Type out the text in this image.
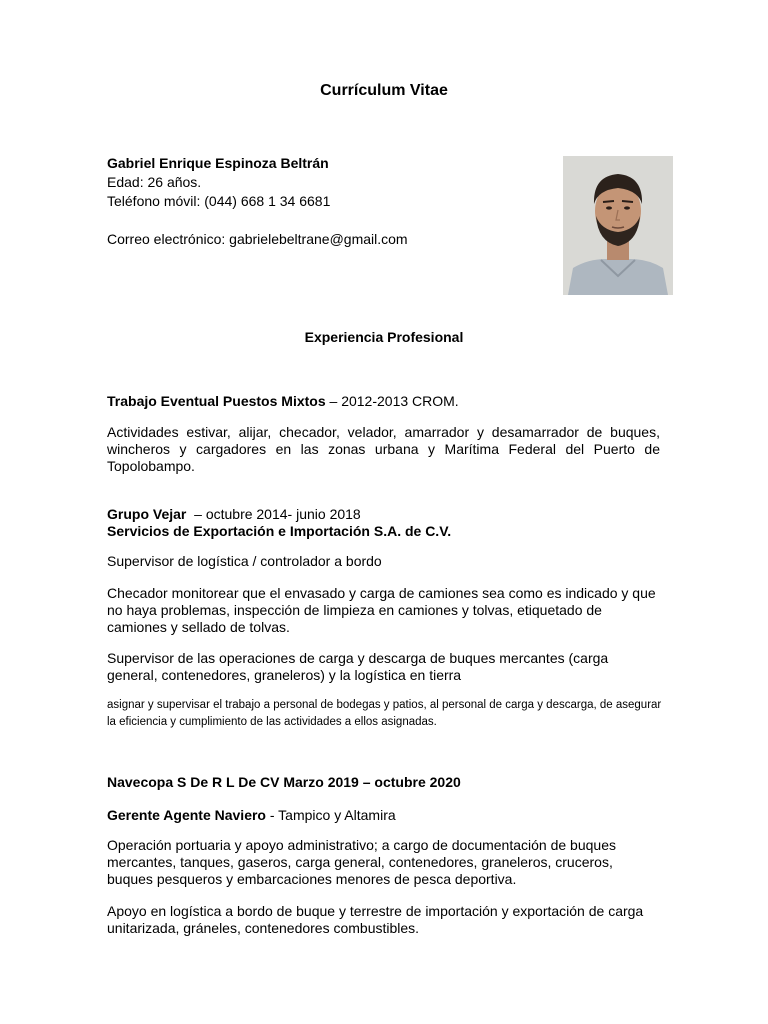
Currículum Vitae
Gabriel Enrique Espinoza Beltrán
Edad: 26 años.
Teléfono móvil: (044) 668 1 34 6681
Correo electrónico: gabrielebeltrane@gmail.com
Experiencia Profesional
Trabajo Eventual Puestos Mixtos – 2012-2013 CROM.
Actividades estivar, alijar, checador, velador, amarrador y desamarrador de buques, wincheros y cargadores en las zonas urbana y Marítima Federal del Puerto de Topolobampo.
Grupo Vejar  – octubre 2014- junio 2018
Servicios de Exportación e Importación S.A. de C.V.
Supervisor de logística / controlador a bordo
Checador monitorear que el envasado y carga de camiones sea como es indicado y que no haya problemas, inspección de limpieza en camiones y tolvas, etiquetado de camiones y sellado de tolvas.
Supervisor de las operaciones de carga y descarga de buques mercantes (carga general, contenedores, graneleros) y la logística en tierra
asignar y supervisar el trabajo a personal de bodegas y patios, al personal de carga y descarga, de asegurar la eficiencia y cumplimiento de las actividades a ellos asignadas.
Navecopa S De R L De CV Marzo 2019 – octubre 2020
Gerente Agente Naviero - Tampico y Altamira
Operación portuaria y apoyo administrativo; a cargo de documentación de buques mercantes, tanques, gaseros, carga general, contenedores, graneleros, cruceros, buques pesqueros y embarcaciones menores de pesca deportiva.
Apoyo en logística a bordo de buque y terrestre de importación y exportación de carga unitarizada, gráneles, contenedores combustibles.
